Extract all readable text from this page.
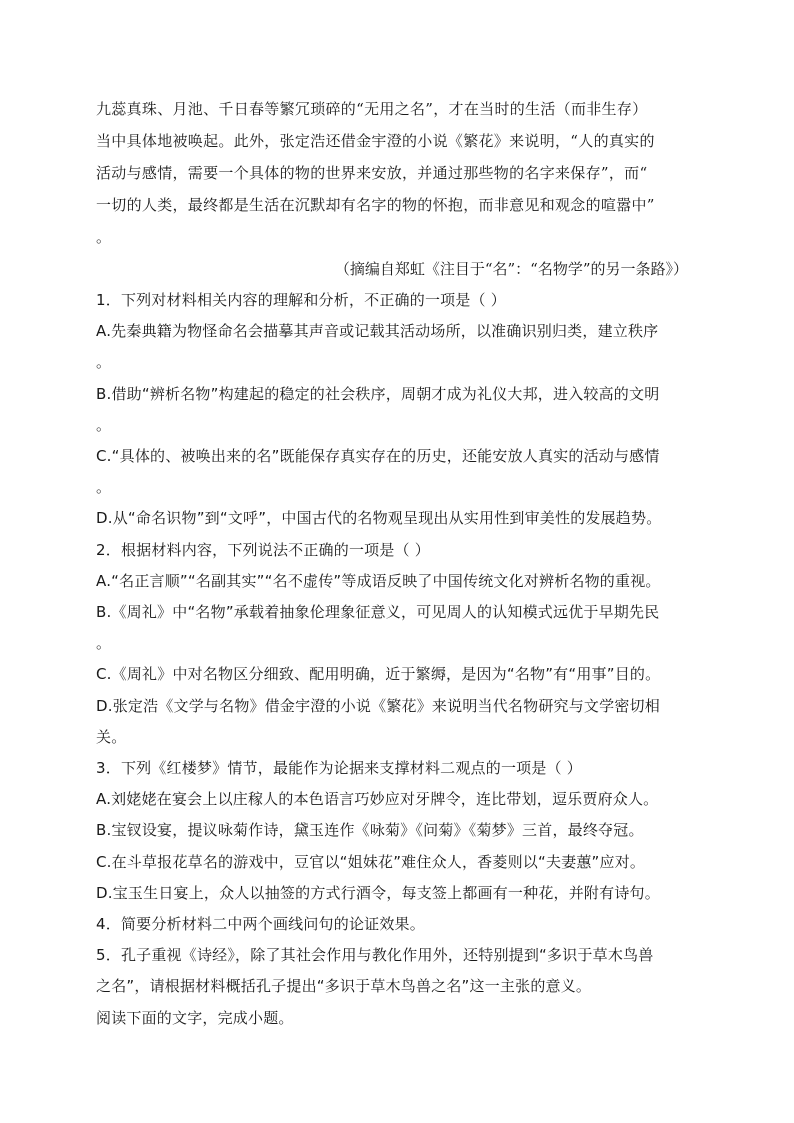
九蕊真珠、月池、千日春等繁冗琐碎的“无用之名”，才在当时的生活（而非生存）
当中具体地被唤起。此外，张定浩还借金宇澄的小说《繁花》来说明，“人的真实的
活动与感情，需要一个具体的物的世界来安放，并通过那些物的名字来保存”，而“
一切的人类，最终都是生活在沉默却有名字的物的怀抱，而非意见和观念的喧嚣中”
。
（摘编自郑虹《注目于“名”：“名物学”的另一条路》）
1．下列对材料相关内容的理解和分析，不正确的一项是（ ）
A.先秦典籍为物怪命名会描摹其声音或记载其活动场所，以准确识别归类，建立秩序
。
B.借助“辨析名物”构建起的稳定的社会秩序，周朝才成为礼仪大邦，进入较高的文明
。
C.“具体的、被唤出来的名”既能保存真实存在的历史，还能安放人真实的活动与感情
。
D.从“命名识物”到“文呼”，中国古代的名物观呈现出从实用性到审美性的发展趋势。
2．根据材料内容，下列说法不正确的一项是（ ）
A.“名正言顺”“名副其实”“名不虚传”等成语反映了中国传统文化对辨析名物的重视。
B.《周礼》中“名物”承载着抽象伦理象征意义，可见周人的认知模式远优于早期先民
。
C.《周礼》中对名物区分细致、配用明确，近于繁缛，是因为“名物”有“用事”目的。
D.张定浩《文学与名物》借金宇澄的小说《繁花》来说明当代名物研究与文学密切相
关。
3．下列《红楼梦》情节，最能作为论据来支撑材料二观点的一项是（ ）
A.刘姥姥在宴会上以庄稼人的本色语言巧妙应对牙牌令，连比带划，逗乐贾府众人。
B.宝钗设宴，提议咏菊作诗，黛玉连作《咏菊》《问菊》《菊梦》三首，最终夺冠。
C.在斗草报花草名的游戏中，豆官以“姐妹花”难住众人，香菱则以“夫妻蕙”应对。
D.宝玉生日宴上，众人以抽签的方式行酒令，每支签上都画有一种花，并附有诗句。
4．简要分析材料二中两个画线问句的论证效果。
5．孔子重视《诗经》，除了其社会作用与教化作用外，还特别提到“多识于草木鸟兽
之名”，请根据材料概括孔子提出“多识于草木鸟兽之名”这一主张的意义。
阅读下面的文字，完成小题。
